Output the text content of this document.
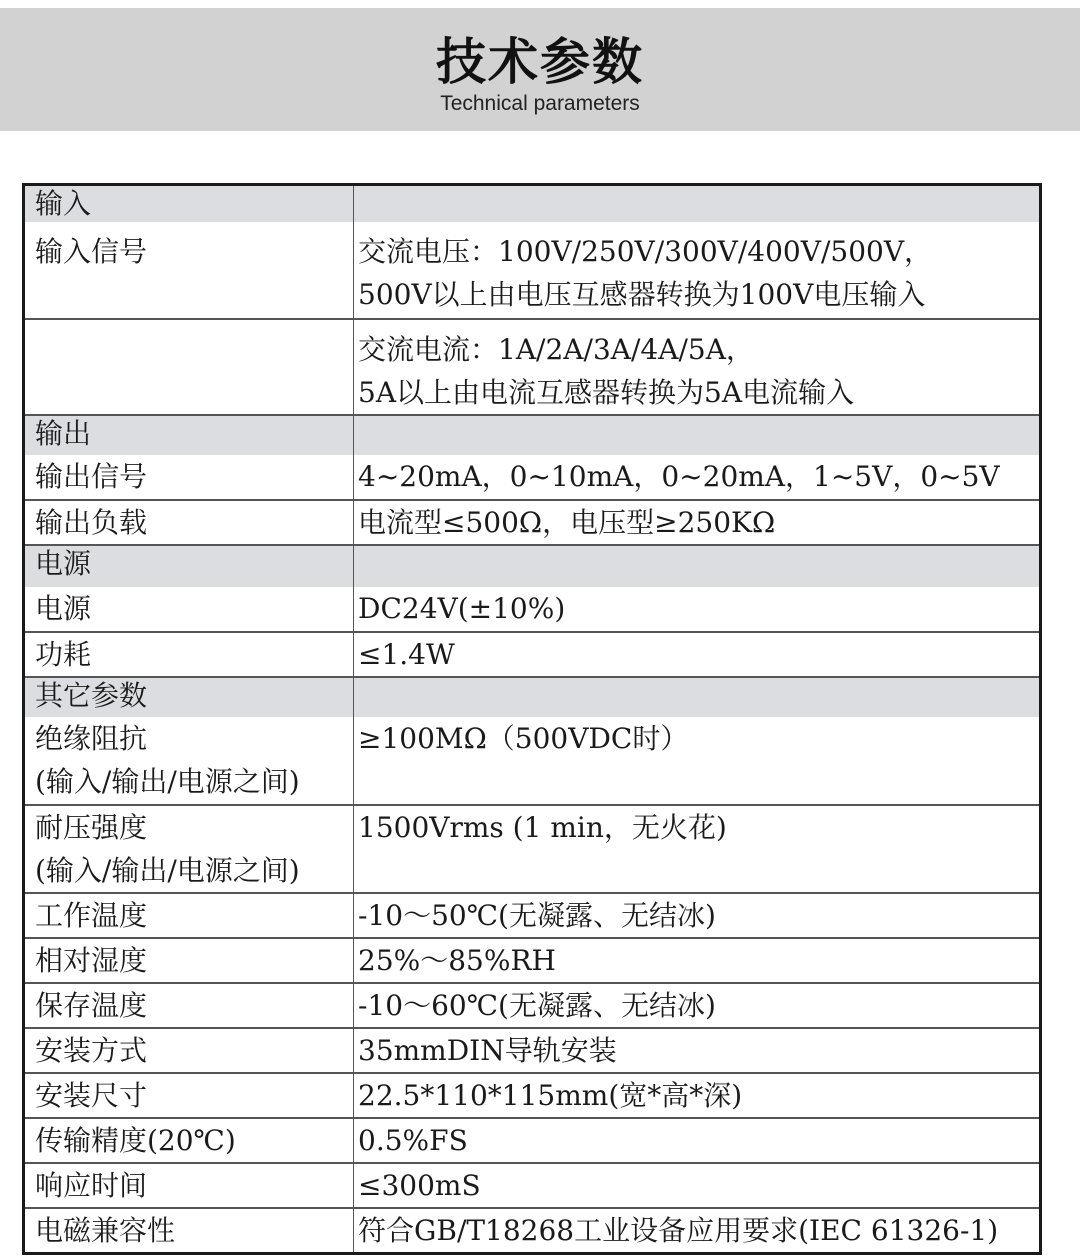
技术参数
Technical parameters
输入	

输入信号	交流电压：100V/250V/300V/400V/500V，
500V以上由电压互感器转换为100V电压输入

	交流电流：1A/2A/3A/4A/5A，
5A以上由电流互感器转换为5A电流输入

输出	

输出信号	4~20mA，0~10mA，0~20mA，1~5V，0~5V

输出负载	电流型≤500Ω，电压型≥250KΩ

电源	

电源	DC24V(±10%)

功耗	≤1.4W

其它参数	

绝缘阻抗
(输入/输出/电源之间)	≥100MΩ（500VDC时）

耐压强度
(输入/输出/电源之间)	1500Vrms (1 min，无火花)

工作温度	-10～50℃(无凝露、无结冰)

相对湿度	25%～85%RH

保存温度	-10～60℃(无凝露、无结冰)

安装方式	35mmDIN导轨安装

安装尺寸	22.5*110*115mm(宽*高*深)

传输精度(20℃)	0.5%FS

响应时间	≤300mS

电磁兼容性	符合GB/T18268工业设备应用要求(IEC 61326-1)
